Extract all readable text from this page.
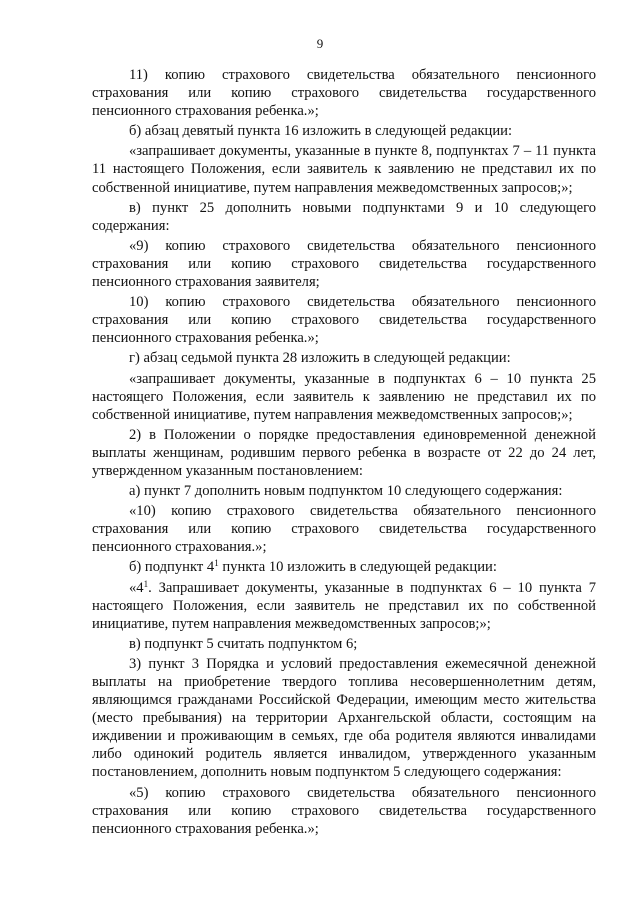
9

11) копию страхового свидетельства обязательного пенсионного страхования или копию страхового свидетельства государственного пенсионного страхования ребенка.»;

б) абзац девятый пункта 16 изложить в следующей редакции:

«запрашивает документы, указанные в пункте 8, подпунктах 7 – 11 пункта 11 настоящего Положения, если заявитель к заявлению не представил их по собственной инициативе, путем направления межведомственных запросов;»;

в) пункт 25 дополнить новыми подпунктами 9 и 10 следующего содержания:

«9) копию страхового свидетельства обязательного пенсионного страхования или копию страхового свидетельства государственного пенсионного страхования заявителя;

10) копию страхового свидетельства обязательного пенсионного страхования или копию страхового свидетельства государственного пенсионного страхования ребенка.»;

г) абзац седьмой пункта 28 изложить в следующей редакции:

«запрашивает документы, указанные в подпунктах 6 – 10 пункта 25 настоящего Положения, если заявитель к заявлению не представил их по собственной инициативе, путем направления межведомственных запросов;»;

2) в Положении о порядке предоставления единовременной денежной выплаты женщинам, родившим первого ребенка в возрасте от 22 до 24 лет, утвержденном указанным постановлением:

а) пункт 7 дополнить новым подпунктом 10 следующего содержания:

«10) копию страхового свидетельства обязательного пенсионного страхования или копию страхового свидетельства государственного пенсионного страхования.»;

б) подпункт $4^1$ пункта 10 изложить в следующей редакции:

«$4^1$. Запрашивает документы, указанные в подпунктах 6 – 10 пункта 7 настоящего Положения, если заявитель не представил их по собственной инициативе, путем направления межведомственных запросов;»;

в) подпункт 5 считать подпунктом 6;

3) пункт 3 Порядка и условий предоставления ежемесячной денежной выплаты на приобретение твердого топлива несовершеннолетним детям, являющимся гражданами Российской Федерации, имеющим место жительства (место пребывания) на территории Архангельской области, состоящим на иждивении и проживающим в семьях, где оба родителя являются инвалидами либо одинокий родитель является инвалидом, утвержденного указанным постановлением, дополнить новым подпунктом 5 следующего содержания:

«5) копию страхового свидетельства обязательного пенсионного страхования или копию страхового свидетельства государственного пенсионного страхования ребенка.»;
